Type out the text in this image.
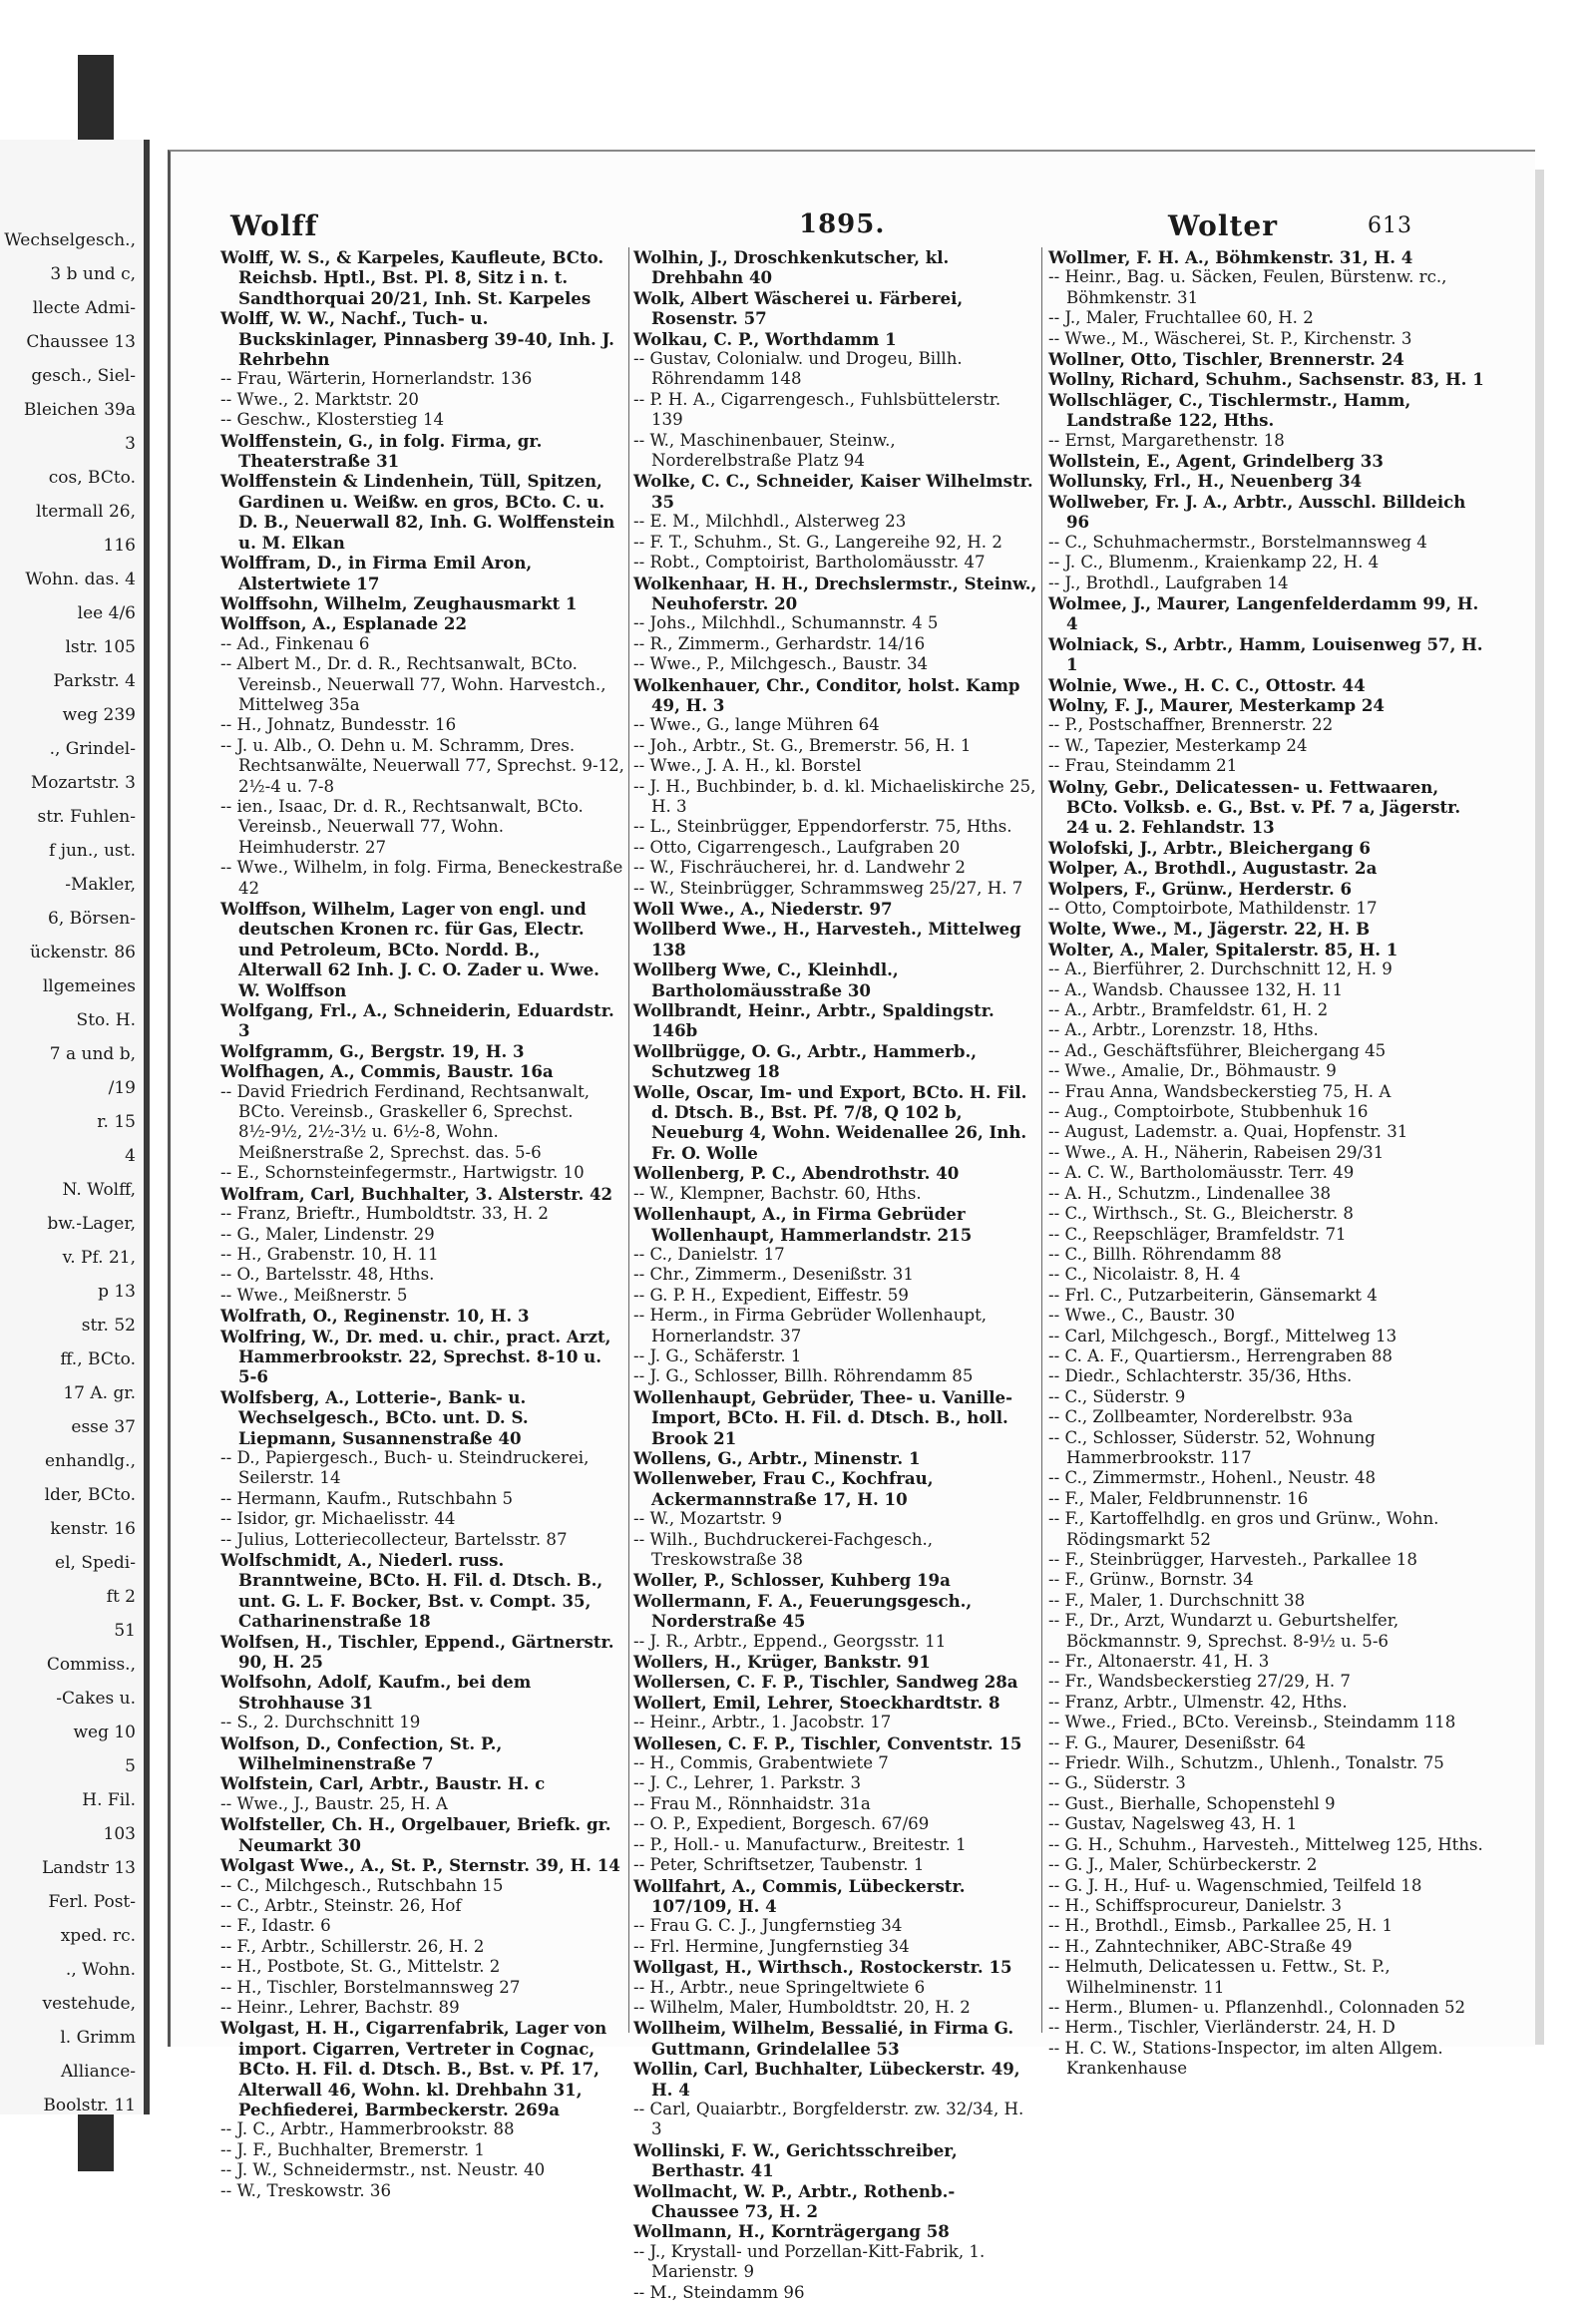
Wechselgesch.,
3 b und c,
llecte Admi-
Chaussee 13
gesch., Siel-
Bleichen 39a
3
cos, BCto.
ltermall 26,
116
Wohn. das. 4
lee 4/6
lstr. 105
Parkstr. 4
weg 239
., Grindel-
Mozartstr. 3
str. Fuhlen-
f jun., ust.
-Makler,
6, Börsen-
ückenstr. 86
llgemeines
Sto. H.
7 a und b,
/19
r. 15
4
N. Wolff,
bw.-Lager,
v. Pf. 21,
p 13
str. 52
ff., BCto.
17 A. gr.
esse 37
enhandlg.,
lder, BCto.
kenstr. 16
el, Spedi-
ft 2
51
Commiss.,
-Cakes u.
weg 10
5
H. Fil.
103
Landstr 13
Ferl. Post-
xped. rc.
., Wohn.
vestehude,
l. Grimm
Alliance-
Boolstr. 11
Wolff	1895.	Wolter	613

Wolff, W. S., & Karpeles, Kaufleute, BCto. Reichsb. Hptl., Bst. Pl. 8, Sitz i n. t. Sandthorquai 20/21, Inh. St. Karpeles

Wolff, W. W., Nachf., Tuch- u. Buckskinlager, Pinnasberg 39-40, Inh. J. Rehrbehn

-- Frau, Wärterin, Hornerlandstr. 136

-- Wwe., 2. Marktstr. 20

-- Geschw., Klosterstieg 14

Wolffenstein, G., in folg. Firma, gr. Theaterstraße 31

Wolffenstein & Lindenhein, Tüll, Spitzen, Gardinen u. Weißw. en gros, BCto. C. u. D. B., Neuerwall 82, Inh. G. Wolffenstein u. M. Elkan

Wolffram, D., in Firma Emil Aron, Alstertwiete 17

Wolffsohn, Wilhelm, Zeughausmarkt 1

Wolffson, A., Esplanade 22

-- Ad., Finkenau 6

-- Albert M., Dr. d. R., Rechtsanwalt, BCto. Vereinsb., Neuerwall 77, Wohn. Harvestch., Mittelweg 35a

-- H., Johnatz, Bundesstr. 16

-- J. u. Alb., O. Dehn u. M. Schramm, Dres. Rechtsanwälte, Neuerwall 77, Sprechst. 9-12, 2½-4 u. 7-8

-- ien., Isaac, Dr. d. R., Rechtsanwalt, BCto. Vereinsb., Neuerwall 77, Wohn. Heimhuderstr. 27

-- Wwe., Wilhelm, in folg. Firma, Beneckestraße 42

Wolffson, Wilhelm, Lager von engl. und deutschen Kronen rc. für Gas, Electr. und Petroleum, BCto. Nordd. B., Alterwall 62 Inh. J. C. O. Zader u. Wwe. W. Wolffson

Wolfgang, Frl., A., Schneiderin, Eduardstr. 3

Wolfgramm, G., Bergstr. 19, H. 3

Wolfhagen, A., Commis, Baustr. 16a

-- David Friedrich Ferdinand, Rechtsanwalt, BCto. Vereinsb., Graskeller 6, Sprechst. 8½-9½, 2½-3½ u. 6½-8, Wohn. Meißnerstraße 2, Sprechst. das. 5-6

-- E., Schornsteinfegermstr., Hartwigstr. 10

Wolfram, Carl, Buchhalter, 3. Alsterstr. 42

-- Franz, Brieftr., Humboldtstr. 33, H. 2

-- G., Maler, Lindenstr. 29

-- H., Grabenstr. 10, H. 11

-- O., Bartelsstr. 48, Hths.

-- Wwe., Meißnerstr. 5

Wolfrath, O., Reginenstr. 10, H. 3

Wolfring, W., Dr. med. u. chir., pract. Arzt, Hammerbrookstr. 22, Sprechst. 8-10 u. 5-6

Wolfsberg, A., Lotterie-, Bank- u. Wechselgesch., BCto. unt. D. S. Liepmann, Susannenstraße 40

-- D., Papiergesch., Buch- u. Steindruckerei, Seilerstr. 14

-- Hermann, Kaufm., Rutschbahn 5

-- Isidor, gr. Michaelisstr. 44

-- Julius, Lotteriecollecteur, Bartelsstr. 87

Wolfschmidt, A., Niederl. russ. Branntweine, BCto. H. Fil. d. Dtsch. B., unt. G. L. F. Bocker, Bst. v. Compt. 35, Catharinenstraße 18

Wolfsen, H., Tischler, Eppend., Gärtnerstr. 90, H. 25

Wolfsohn, Adolf, Kaufm., bei dem Strohhause 31

-- S., 2. Durchschnitt 19

Wolfson, D., Confection, St. P., Wilhelminenstraße 7

Wolfstein, Carl, Arbtr., Baustr. H. c

-- Wwe., J., Baustr. 25, H. A

Wolfsteller, Ch. H., Orgelbauer, Briefk. gr. Neumarkt 30

Wolgast Wwe., A., St. P., Sternstr. 39, H. 14

-- C., Milchgesch., Rutschbahn 15

-- C., Arbtr., Steinstr. 26, Hof

-- F., Idastr. 6

-- F., Arbtr., Schillerstr. 26, H. 2

-- H., Postbote, St. G., Mittelstr. 2

-- H., Tischler, Borstelmannsweg 27

-- Heinr., Lehrer, Bachstr. 89

Wolgast, H. H., Cigarrenfabrik, Lager von import. Cigarren, Vertreter in Cognac, BCto. H. Fil. d. Dtsch. B., Bst. v. Pf. 17, Alterwall 46, Wohn. kl. Drehbahn 31, Pechfiederei, Barmbeckerstr. 269a

-- J. C., Arbtr., Hammerbrookstr. 88

-- J. F., Buchhalter, Bremerstr. 1

-- J. W., Schneidermstr., nst. Neustr. 40

-- W., Treskowstr. 36

Wolhin, J., Droschkenkutscher, kl. Drehbahn 40

Wolk, Albert Wäscherei u. Färberei, Rosenstr. 57

Wolkau, C. P., Worthdamm 1

-- Gustav, Colonialw. und Drogeu, Billh. Röhrendamm 148

-- P. H. A., Cigarrengesch., Fuhlsbüttelerstr. 139

-- W., Maschinenbauer, Steinw., Norderelbstraße Platz 94

Wolke, C. C., Schneider, Kaiser Wilhelmstr. 35

-- E. M., Milchhdl., Alsterweg 23

-- F. T., Schuhm., St. G., Langereihe 92, H. 2

-- Robt., Comptoirist, Bartholomäusstr. 47

Wolkenhaar, H. H., Drechslermstr., Steinw., Neuhoferstr. 20

-- Johs., Milchhdl., Schumannstr. 4 5

-- R., Zimmerm., Gerhardstr. 14/16

-- Wwe., P., Milchgesch., Baustr. 34

Wolkenhauer, Chr., Conditor, holst. Kamp 49, H. 3

-- Wwe., G., lange Mühren 64

-- Joh., Arbtr., St. G., Bremerstr. 56, H. 1

-- Wwe., J. A. H., kl. Borstel

-- J. H., Buchbinder, b. d. kl. Michaeliskirche 25, H. 3

-- L., Steinbrügger, Eppendorferstr. 75, Hths.

-- Otto, Cigarrengesch., Laufgraben 20

-- W., Fischräucherei, hr. d. Landwehr 2

-- W., Steinbrügger, Schrammsweg 25/27, H. 7

Woll Wwe., A., Niederstr. 97

Wollberd Wwe., H., Harvesteh., Mittelweg 138

Wollberg Wwe, C., Kleinhdl., Bartholomäusstraße 30

Wollbrandt, Heinr., Arbtr., Spaldingstr. 146b

Wollbrügge, O. G., Arbtr., Hammerb., Schutzweg 18

Wolle, Oscar, Im- und Export, BCto. H. Fil. d. Dtsch. B., Bst. Pf. 7/8, Q 102 b, Neueburg 4, Wohn. Weidenallee 26, Inh. Fr. O. Wolle

Wollenberg, P. C., Abendrothstr. 40

-- W., Klempner, Bachstr. 60, Hths.

Wollenhaupt, A., in Firma Gebrüder Wollenhaupt, Hammerlandstr. 215

-- C., Danielstr. 17

-- Chr., Zimmerm., Desenißstr. 31

-- G. P. H., Expedient, Eiffestr. 59

-- Herm., in Firma Gebrüder Wollenhaupt, Hornerlandstr. 37

-- J. G., Schäferstr. 1

-- J. G., Schlosser, Billh. Röhrendamm 85

Wollenhaupt, Gebrüder, Thee- u. Vanille-Import, BCto. H. Fil. d. Dtsch. B., holl. Brook 21

Wollens, G., Arbtr., Minenstr. 1

Wollenweber, Frau C., Kochfrau, Ackermannstraße 17, H. 10

-- W., Mozartstr. 9

-- Wilh., Buchdruckerei-Fachgesch., Treskowstraße 38

Woller, P., Schlosser, Kuhberg 19a

Wollermann, F. A., Feuerungsgesch., Norderstraße 45

-- J. R., Arbtr., Eppend., Georgsstr. 11

Wollers, H., Krüger, Bankstr. 91

Wollersen, C. F. P., Tischler, Sandweg 28a

Wollert, Emil, Lehrer, Stoeckhardtstr. 8

-- Heinr., Arbtr., 1. Jacobstr. 17

Wollesen, C. F. P., Tischler, Conventstr. 15

-- H., Commis, Grabentwiete 7

-- J. C., Lehrer, 1. Parkstr. 3

-- Frau M., Rönnhaidstr. 31a

-- O. P., Expedient, Borgesch. 67/69

-- P., Holl.- u. Manufacturw., Breitestr. 1

-- Peter, Schriftsetzer, Taubenstr. 1

Wollfahrt, A., Commis, Lübeckerstr. 107/109, H. 4

-- Frau G. C. J., Jungfernstieg 34

-- Frl. Hermine, Jungfernstieg 34

Wollgast, H., Wirthsch., Rostockerstr. 15

-- H., Arbtr., neue Springeltwiete 6

-- Wilhelm, Maler, Humboldtstr. 20, H. 2

Wollheim, Wilhelm, Bessalié, in Firma G. Guttmann, Grindelallee 53

Wollin, Carl, Buchhalter, Lübeckerstr. 49, H. 4

-- Carl, Quaiarbtr., Borgfelderstr. zw. 32/34, H. 3

Wollinski, F. W., Gerichtsschreiber, Berthastr. 41

Wollmacht, W. P., Arbtr., Rothenb.-Chaussee 73, H. 2

Wollmann, H., Kornträgergang 58

-- J., Krystall- und Porzellan-Kitt-Fabrik, 1. Marienstr. 9

-- M., Steindamm 96

Wollmer, F. H. A., Böhmkenstr. 31, H. 4

-- Heinr., Bag. u. Säcken, Feulen, Bürstenw. rc., Böhmkenstr. 31

-- J., Maler, Fruchtallee 60, H. 2

-- Wwe., M., Wäscherei, St. P., Kirchenstr. 3

Wollner, Otto, Tischler, Brennerstr. 24

Wollny, Richard, Schuhm., Sachsenstr. 83, H. 1

Wollschläger, C., Tischlermstr., Hamm, Landstraße 122, Hths.

-- Ernst, Margarethenstr. 18

Wollstein, E., Agent, Grindelberg 33

Wollunsky, Frl., H., Neuenberg 34

Wollweber, Fr. J. A., Arbtr., Ausschl. Billdeich 96

-- C., Schuhmachermstr., Borstelmannsweg 4

-- J. C., Blumenm., Kraienkamp 22, H. 4

-- J., Brothdl., Laufgraben 14

Wolmee, J., Maurer, Langenfelderdamm 99, H. 4

Wolniack, S., Arbtr., Hamm, Louisenweg 57, H. 1

Wolnie, Wwe., H. C. C., Ottostr. 44

Wolny, F. J., Maurer, Mesterkamp 24

-- P., Postschaffner, Brennerstr. 22

-- W., Tapezier, Mesterkamp 24

-- Frau, Steindamm 21

Wolny, Gebr., Delicatessen- u. Fettwaaren, BCto. Volksb. e. G., Bst. v. Pf. 7 a, Jägerstr. 24 u. 2. Fehlandstr. 13

Wolofski, J., Arbtr., Bleichergang 6

Wolper, A., Brothdl., Augustastr. 2a

Wolpers, F., Grünw., Herderstr. 6

-- Otto, Comptoirbote, Mathildenstr. 17

Wolte, Wwe., M., Jägerstr. 22, H. B

Wolter, A., Maler, Spitalerstr. 85, H. 1

-- A., Bierführer, 2. Durchschnitt 12, H. 9

-- A., Wandsb. Chaussee 132, H. 11

-- A., Arbtr., Bramfeldstr. 61, H. 2

-- A., Arbtr., Lorenzstr. 18, Hths.

-- Ad., Geschäftsführer, Bleichergang 45

-- Wwe., Amalie, Dr., Böhmaustr. 9

-- Frau Anna, Wandsbeckerstieg 75, H. A

-- Aug., Comptoirbote, Stubbenhuk 16

-- August, Lademstr. a. Quai, Hopfenstr. 31

-- Wwe., A. H., Näherin, Rabeisen 29/31

-- A. C. W., Bartholomäusstr. Terr. 49

-- A. H., Schutzm., Lindenallee 38

-- C., Wirthsch., St. G., Bleicherstr. 8

-- C., Reepschläger, Bramfeldstr. 71

-- C., Billh. Röhrendamm 88

-- C., Nicolaistr. 8, H. 4

-- Frl. C., Putzarbeiterin, Gänsemarkt 4

-- Wwe., C., Baustr. 30

-- Carl, Milchgesch., Borgf., Mittelweg 13

-- C. A. F., Quartiersm., Herrengraben 88

-- Diedr., Schlachterstr. 35/36, Hths.

-- C., Süderstr. 9

-- C., Zollbeamter, Norderelbstr. 93a

-- C., Schlosser, Süderstr. 52, Wohnung Hammerbrookstr. 117

-- C., Zimmermstr., Hohenl., Neustr. 48

-- F., Maler, Feldbrunnenstr. 16

-- F., Kartoffelhdlg. en gros und Grünw., Wohn. Rödingsmarkt 52

-- F., Steinbrügger, Harvesteh., Parkallee 18

-- F., Grünw., Bornstr. 34

-- F., Maler, 1. Durchschnitt 38

-- F., Dr., Arzt, Wundarzt u. Geburtshelfer, Böckmannstr. 9, Sprechst. 8-9½ u. 5-6

-- Fr., Altonaerstr. 41, H. 3

-- Fr., Wandsbeckerstieg 27/29, H. 7

-- Franz, Arbtr., Ulmenstr. 42, Hths.

-- Wwe., Fried., BCto. Vereinsb., Steindamm 118

-- F. G., Maurer, Desenißstr. 64

-- Friedr. Wilh., Schutzm., Uhlenh., Tonalstr. 75

-- G., Süderstr. 3

-- Gust., Bierhalle, Schopenstehl 9

-- Gustav, Nagelsweg 43, H. 1

-- G. H., Schuhm., Harvesteh., Mittelweg 125, Hths.

-- G. J., Maler, Schürbeckerstr. 2

-- G. J. H., Huf- u. Wagenschmied, Teilfeld 18

-- H., Schiffsprocureur, Danielstr. 3

-- H., Brothdl., Eimsb., Parkallee 25, H. 1

-- H., Zahntechniker, ABC-Straße 49

-- Helmuth, Delicatessen u. Fettw., St. P., Wilhelminenstr. 11

-- Herm., Blumen- u. Pflanzenhdl., Colonnaden 52

-- Herm., Tischler, Vierländerstr. 24, H. D

-- H. C. W., Stations-Inspector, im alten Allgem. Krankenhause
